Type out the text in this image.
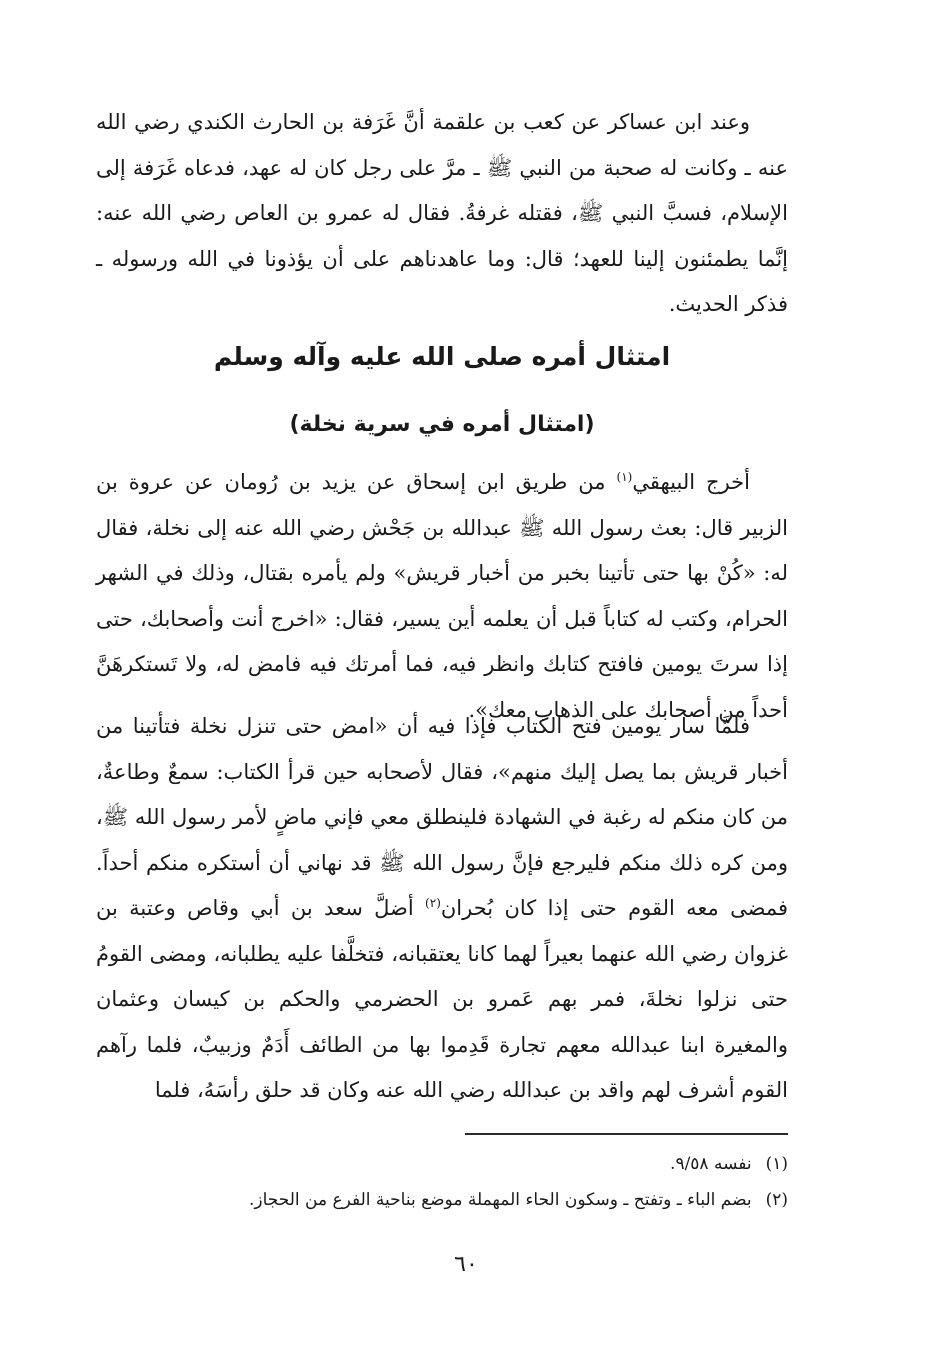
وعند ابن عساكر عن كعب بن علقمة أنَّ غَرَفة بن الحارث الكندي رضي الله عنه ـ وكانت له صحبة من النبي ﷺ ـ مرَّ على رجل كان له عهد، فدعاه غَرَفة إلى الإسلام، فسبَّ النبي ﷺ، فقتله غرفةُ. فقال له عمرو بن العاص رضي الله عنه: إنَّما يطمئنون إلينا للعهد؛ قال: وما عاهدناهم على أن يؤذونا في الله ورسوله ـ فذكر الحديث.

امتثال أمره صلى الله عليه وآله وسلم
(امتثال أمره في سرية نخلة)

أخرج البيهقي$^{(١)}$ من طريق ابن إسحاق عن يزيد بن رُومان عن عروة بن الزبير قال: بعث رسول الله ﷺ عبدالله بن جَحْش رضي الله عنه إلى نخلة، فقال له: «كُنْ بها حتى تأتينا بخبر من أخبار قريش» ولم يأمره بقتال، وذلك في الشهر الحرام، وكتب له كتاباً قبل أن يعلمه أين يسير، فقال: «اخرج أنت وأصحابك، حتى إذا سرتَ يومين فافتح كتابك وانظر فيه، فما أمرتك فيه فامض له، ولا تَستكرهَنَّ أحداً من أصحابك على الذهاب معك».

فلمَّا سار يومين فتح الكتاب فإذا فيه أن «امض حتى تنزل نخلة فتأتينا من أخبار قريش بما يصل إليك منهم»، فقال لأصحابه حين قرأ الكتاب: سمعٌ وطاعةٌ، من كان منكم له رغبة في الشهادة فلينطلق معي فإني ماضٍ لأمر رسول الله ﷺ، ومن كره ذلك منكم فليرجع فإنَّ رسول الله ﷺ قد نهاني أن أستكره منكم أحداً. فمضى معه القوم حتى إذا كان بُحران$^{(٢)}$ أضلَّ سعد بن أبي وقاص وعتبة بن غزوان رضي الله عنهما بعيراً لهما كانا يعتقبانه، فتخلَّفا عليه يطلبانه، ومضى القومُ حتى نزلوا نخلةَ، فمر بهم عَمرو بن الحضرمي والحكم بن كيسان وعثمان والمغيرة ابنا عبدالله معهم تجارة قَدِموا بها من الطائف أَدَمٌ وزبيبٌ، فلما رآهم القوم أشرف لهم واقد بن عبدالله رضي الله عنه وكان قد حلق رأسَهُ، فلما

(١)نفسه ٩/٥٨.
(٢)بضم الباء ـ وتفتح ـ وسكون الحاء المهملة موضع بناحية الفرع من الحجاز.
٦٠
